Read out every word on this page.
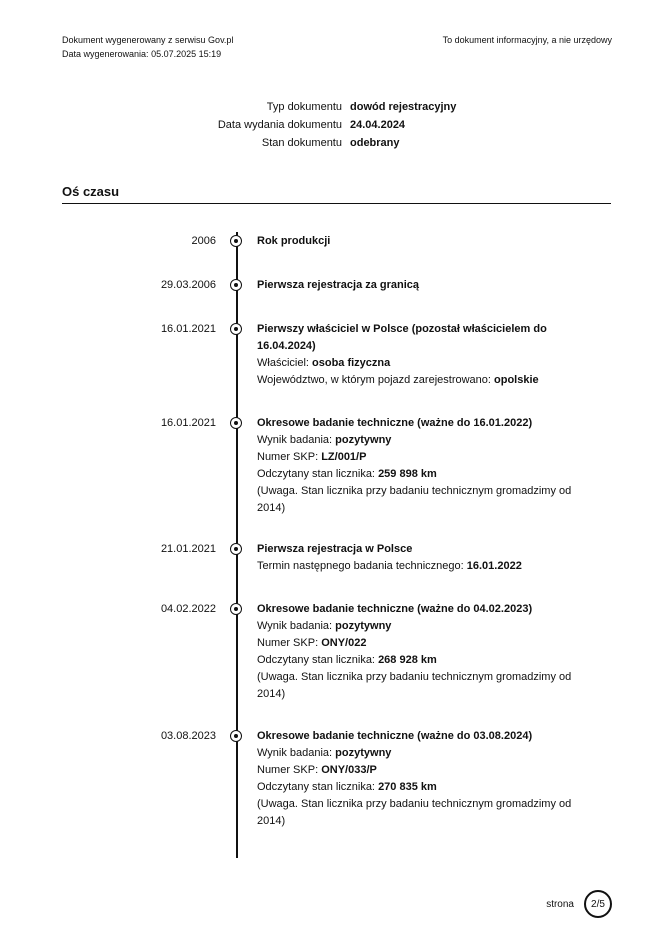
Dokument wygenerowany z serwisu Gov.pl
Data wygenerowania: 05.07.2025 15:19
To dokument informacyjny, a nie urzędowy
Typ dokumentu dowód rejestracyjny
Data wydania dokumentu 24.04.2024
Stan dokumentu odebrany
Oś czasu
2006	Rok produkcji
29.03.2006	Pierwsza rejestracja za granicą
16.01.2021	Pierwszy właściciel w Polsce (pozostał właścicielem do 16.04.2024)
Właściciel: osoba fizyczna
Województwo, w którym pojazd zarejestrowano: opolskie
16.01.2021	Okresowe badanie techniczne (ważne do 16.01.2022)
Wynik badania: pozytywny
Numer SKP: LZ/001/P
Odczytany stan licznika: 259 898 km
(Uwaga. Stan licznika przy badaniu technicznym gromadzimy od 2014)
21.01.2021	Pierwsza rejestracja w Polsce
Termin następnego badania technicznego: 16.01.2022
04.02.2022	Okresowe badanie techniczne (ważne do 04.02.2023)
Wynik badania: pozytywny
Numer SKP: ONY/022
Odczytany stan licznika: 268 928 km
(Uwaga. Stan licznika przy badaniu technicznym gromadzimy od 2014)
03.08.2023	Okresowe badanie techniczne (ważne do 03.08.2024)
Wynik badania: pozytywny
Numer SKP: ONY/033/P
Odczytany stan licznika: 270 835 km
(Uwaga. Stan licznika przy badaniu technicznym gromadzimy od 2014)
strona	2/5
